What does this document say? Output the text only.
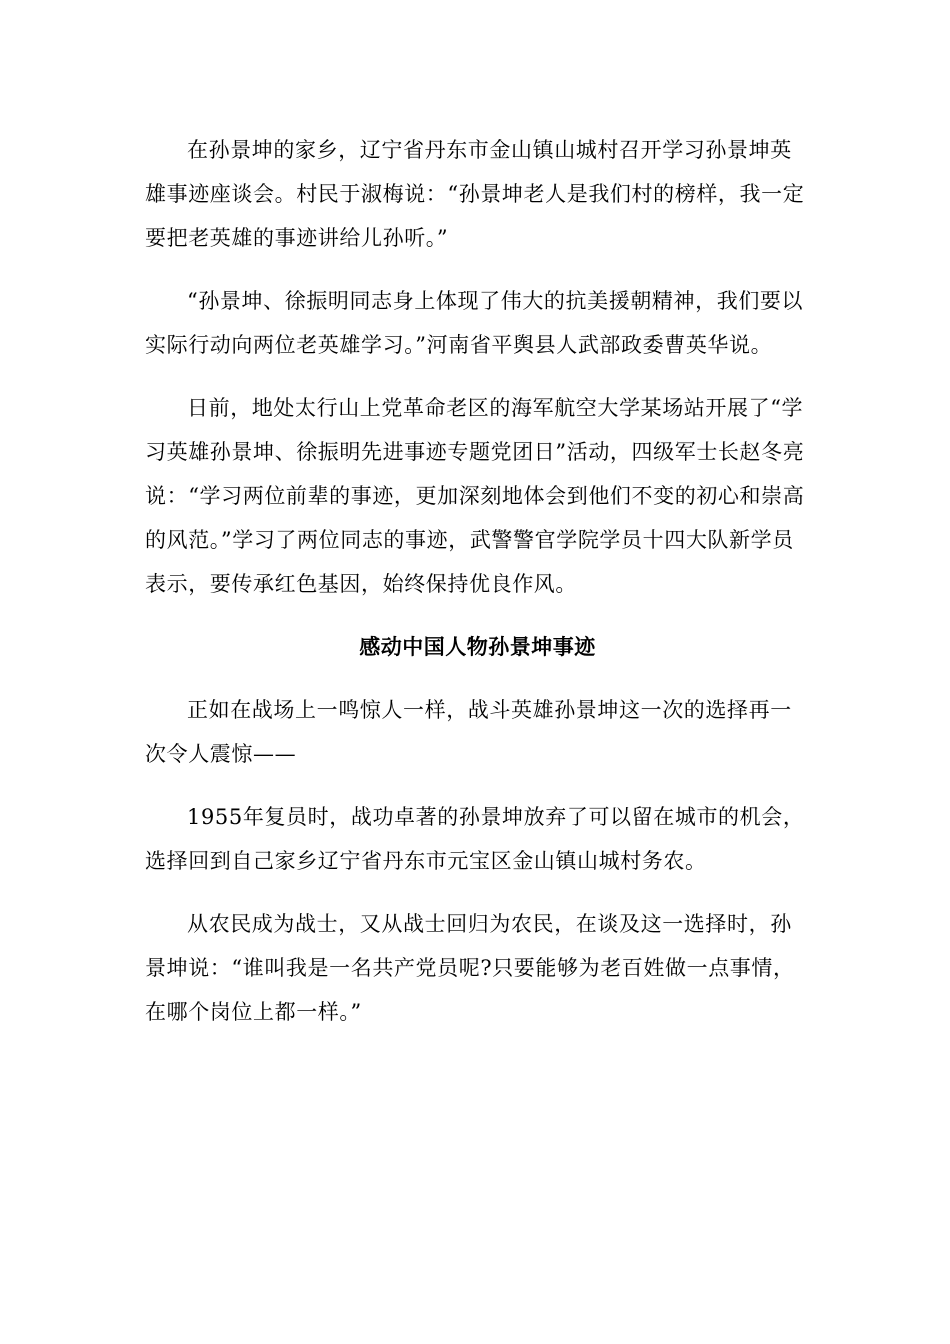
在孙景坤的家乡，辽宁省丹东市金山镇山城村召开学习孙景坤英雄事迹座谈会。村民于淑梅说：“孙景坤老人是我们村的榜样，我一定要把老英雄的事迹讲给儿孙听。”

“孙景坤、徐振明同志身上体现了伟大的抗美援朝精神，我们要以实际行动向两位老英雄学习。”河南省平舆县人武部政委曹英华说。

日前，地处太行山上党革命老区的海军航空大学某场站开展了“学习英雄孙景坤、徐振明先进事迹专题党团日”活动，四级军士长赵冬亮说：“学习两位前辈的事迹，更加深刻地体会到他们不变的初心和崇高的风范。”学习了两位同志的事迹，武警警官学院学员十四大队新学员表示，要传承红色基因，始终保持优良作风。

感动中国人物孙景坤事迹

正如在战场上一鸣惊人一样，战斗英雄孙景坤这一次的选择再一次令人震惊——

1955年复员时，战功卓著的孙景坤放弃了可以留在城市的机会，选择回到自己家乡辽宁省丹东市元宝区金山镇山城村务农。

从农民成为战士，又从战士回归为农民，在谈及这一选择时，孙景坤说：“谁叫我是一名共产党员呢?只要能够为老百姓做一点事情，在哪个岗位上都一样。”
